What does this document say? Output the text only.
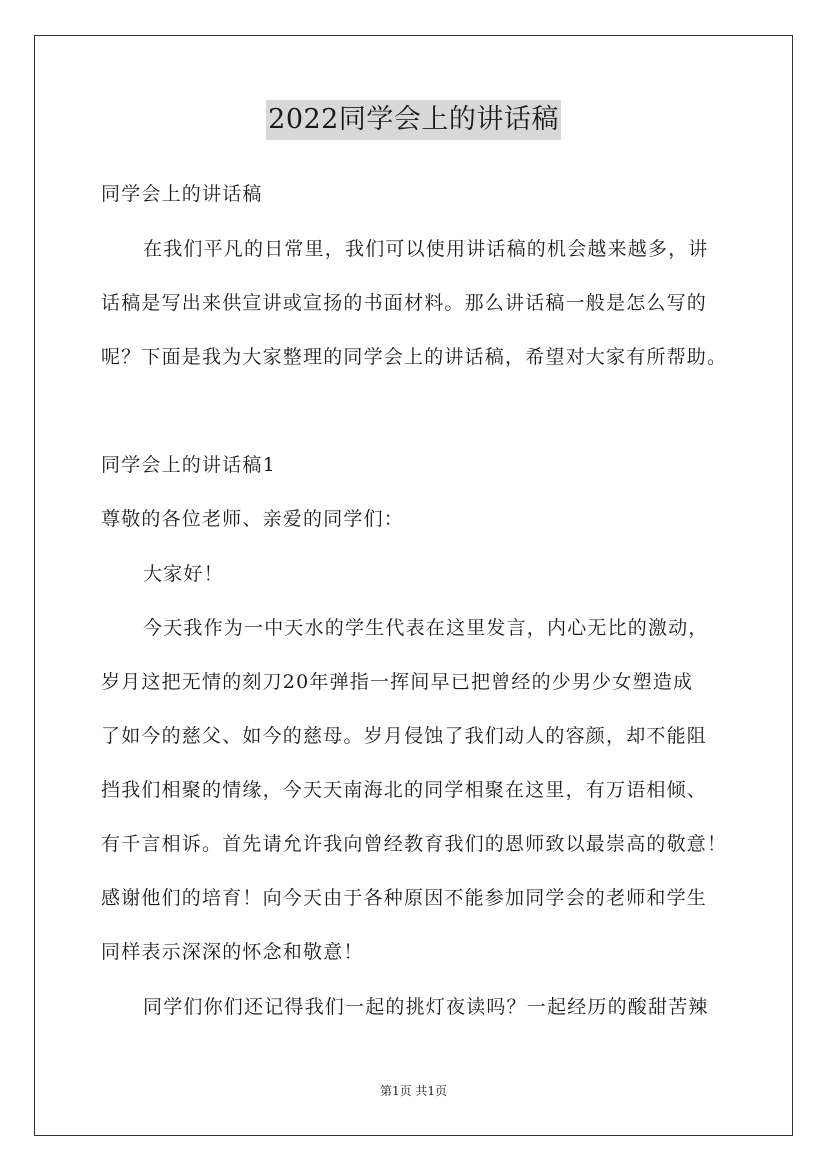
2022同学会上的讲话稿
同学会上的讲话稿
在我们平凡的日常里，我们可以使用讲话稿的机会越来越多，讲
话稿是写出来供宣讲或宣扬的书面材料。那么讲话稿一般是怎么写的
呢？下面是我为大家整理的同学会上的讲话稿，希望对大家有所帮助。
同学会上的讲话稿1
尊敬的各位老师、亲爱的同学们：
大家好！
今天我作为一中天水的学生代表在这里发言，内心无比的激动，
岁月这把无情的刻刀20年弹指一挥间早已把曾经的少男少女塑造成
了如今的慈父、如今的慈母。岁月侵蚀了我们动人的容颜，却不能阻
挡我们相聚的情缘，今天天南海北的同学相聚在这里，有万语相倾、
有千言相诉。首先请允许我向曾经教育我们的恩师致以最崇高的敬意！
感谢他们的培育！向今天由于各种原因不能参加同学会的老师和学生
同样表示深深的怀念和敬意！
同学们你们还记得我们一起的挑灯夜读吗？一起经历的酸甜苦辣
第1页 共1页
